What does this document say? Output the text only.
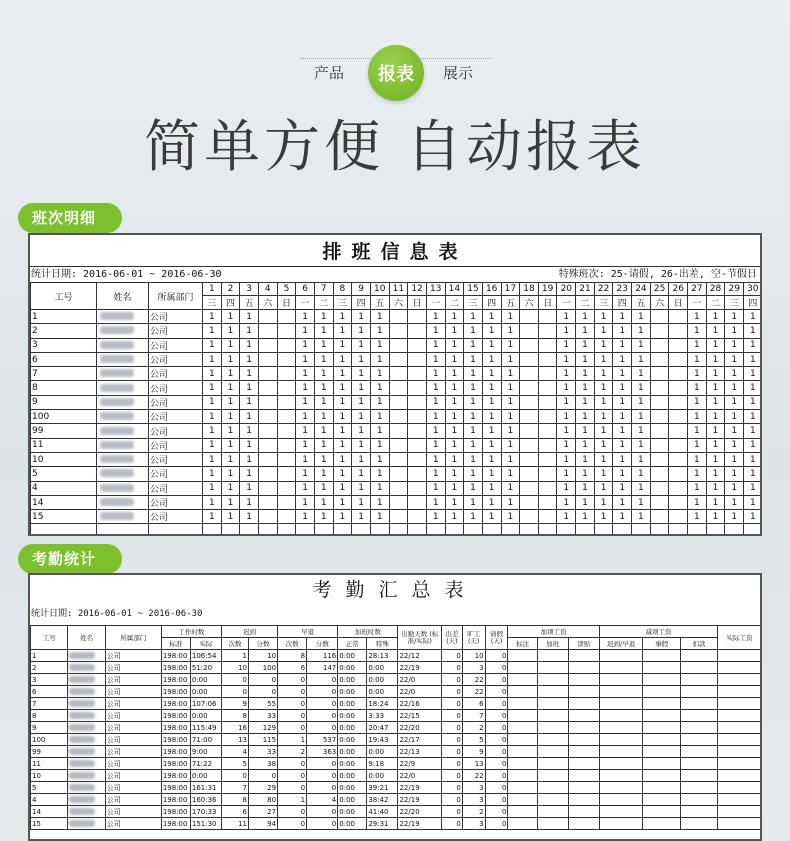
产品	报表	展示
简单方便 自动报表
班次明细
排班信息表
统计日期: 2016-06-01 ~ 2016-06-30	特殊班次: 25-请假, 26-出差, 空-节假日
工号	姓名	所属部门	1	2	3	4	5	6	7	8	9	10	11	12	13	14	15	16	17	18	19	20	21	22	23	24	25	26	27	28	29	30
			三	四	五	六	日	一	二	三	四	五	六	日	一	二	三	四	五	六	日	一	二	三	四	五	六	日	一	二	三	四
1		公司	1	1	1			1	1	1	1	1			1	1	1	1	1			1	1	1	1	1			1	1	1	1
2		公司	1	1	1			1	1	1	1	1			1	1	1	1	1			1	1	1	1	1			1	1	1	1
3		公司	1	1	1			1	1	1	1	1			1	1	1	1	1			1	1	1	1	1			1	1	1	1
6		公司	1	1	1			1	1	1	1	1			1	1	1	1	1			1	1	1	1	1			1	1	1	1
7		公司	1	1	1			1	1	1	1	1			1	1	1	1	1			1	1	1	1	1			1	1	1	1
8		公司	1	1	1			1	1	1	1	1			1	1	1	1	1			1	1	1	1	1			1	1	1	1
9		公司	1	1	1			1	1	1	1	1			1	1	1	1	1			1	1	1	1	1			1	1	1	1
100		公司	1	1	1			1	1	1	1	1			1	1	1	1	1			1	1	1	1	1			1	1	1	1
99		公司	1	1	1			1	1	1	1	1			1	1	1	1	1			1	1	1	1	1			1	1	1	1
11		公司	1	1	1			1	1	1	1	1			1	1	1	1	1			1	1	1	1	1			1	1	1	1
10		公司	1	1	1			1	1	1	1	1			1	1	1	1	1			1	1	1	1	1			1	1	1	1
5		公司	1	1	1			1	1	1	1	1			1	1	1	1	1			1	1	1	1	1			1	1	1	1
4		公司	1	1	1			1	1	1	1	1			1	1	1	1	1			1	1	1	1	1			1	1	1	1
14		公司	1	1	1			1	1	1	1	1			1	1	1	1	1			1	1	1	1	1			1	1	1	1
15		公司	1	1	1			1	1	1	1	1			1	1	1	1	1			1	1	1	1	1			1	1	1	1

考勤统计
考勤汇总表
统计日期: 2016-06-01 ~ 2016-06-30
工号	姓名	所属部门	工作时数		迟到		早退		加班时数		出勤天数 (标准/实际)	出差 (天)	旷工 (天)	请假 (天)	加项工资			减项工资			实际工资
			标准	实际	次数	分数	次数	分数	正常	特殊					标注	加班	津贴	迟到/早退	事假	扣款	
1		公司	198:00	106:54	1	10	8	116	0:00	28:13	22/12	0	10	0							
2		公司	198:00	51:20	10	100	6	147	0:00	0:00	22/19	0	3	0							
3		公司	198:00	0:00	0	0	0	0	0:00	0:00	22/0	0	22	0							
6		公司	198:00	0:00	0	0	0	0	0:00	0:00	22/0	0	22	0							
7		公司	198:00	107:06	9	55	0	0	0:00	18:24	22/16	0	6	0							
8		公司	198:00	0:00	8	33	0	0	0:00	3:33	22/15	0	7	0							
9		公司	198:00	115:49	16	129	0	0	0:00	20:47	22/20	0	2	0							
100		公司	198:00	71:00	13	115	1	537	0:00	19:43	22/17	0	5	0							
99		公司	198:00	9:00	4	33	2	363	0:00	0:00	22/13	0	9	0							
11		公司	198:00	71:22	5	38	0	0	0:00	9:18	22/9	0	13	0							
10		公司	198:00	0:00	0	0	0	0	0:00	0:00	22/0	0	22	0							
5		公司	198:00	161:31	7	29	0	0	0:00	39:21	22/19	0	3	0							
4		公司	198:00	160:36	8	80	1	4	0:00	38:42	22/19	0	3	0							
14		公司	198:00	170:33	6	27	0	0	0:00	41:40	22/20	0	2	0							
15		公司	198:00	151:30	11	94	0	0	0:00	29:31	22/19	0	3	0							
